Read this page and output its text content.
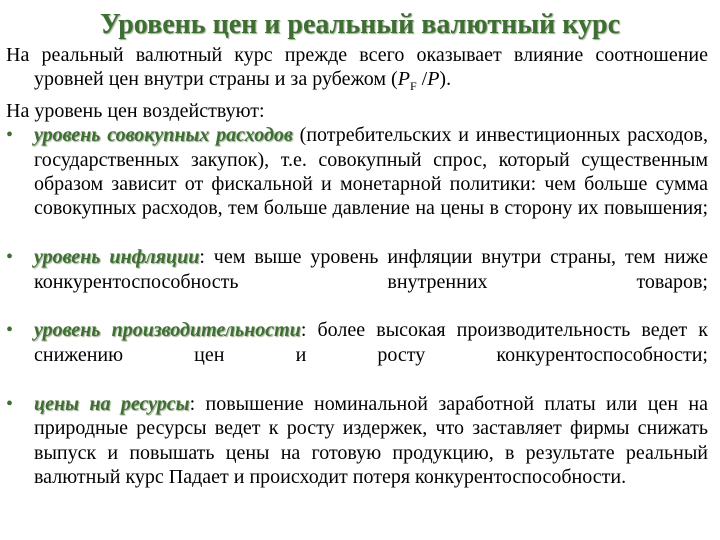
Уровень цен и реальный валютный курс

На реальный валютный курс прежде всего оказывает влияние соотношение уровней цен внутри страны и за рубежом ($P_F$ /P).

На уровень цен воздействуют:

• уровень совокупных расходов (потребительских и инвестиционных расходов, государственных закупок), т.е. совокупный спрос, который существенным образом зависит от фискальной и монетарной политики: чем больше сумма совокупных расходов, тем больше давление на цены в сторону их повышения;
• уровень инфляции: чем выше уровень инфляции внутри страны, тем ниже конкурентоспособность внутренних товаров;
• уровень производительности: более высокая производительность ведет к снижению цен и росту конкурентоспособности;
• цены на ресурсы: повышение номинальной заработной платы или цен на природные ресурсы ведет к росту издержек, что заставляет фирмы снижать выпуск и повышать цены на готовую продукцию, в результате реальный валютный курс Падает и происходит потеря конкурентоспособности.
